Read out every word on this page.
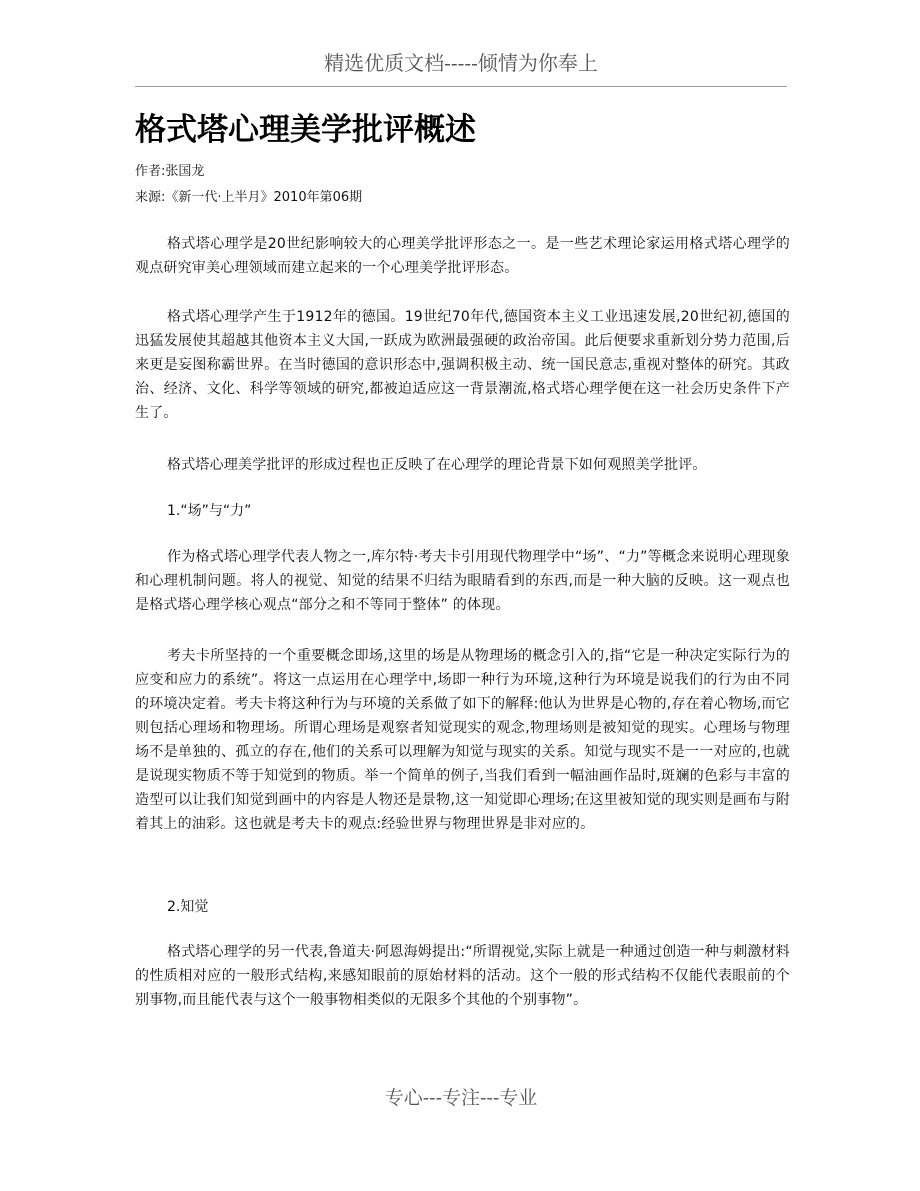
精选优质文档-----倾情为你奉上
格式塔心理美学批评概述
作者:张国龙
来源:《新一代·上半月》2010年第06期

格式塔心理学是20世纪影响较大的心理美学批评形态之一。是一些艺术理论家运用格式塔心理学的观点研究审美心理领域而建立起来的一个心理美学批评形态。

格式塔心理学产生于1912年的德国。19世纪70年代,德国资本主义工业迅速发展,20世纪初,德国的迅猛发展使其超越其他资本主义大国,一跃成为欧洲最强硬的政治帝国。此后便要求重新划分势力范围,后来更是妄图称霸世界。在当时德国的意识形态中,强调积极主动、统一国民意志,重视对整体的研究。其政治、经济、文化、科学等领域的研究,都被迫适应这一背景潮流,格式塔心理学便在这一社会历史条件下产生了。

格式塔心理美学批评的形成过程也正反映了在心理学的理论背景下如何观照美学批评。

1.“场”与“力”

作为格式塔心理学代表人物之一,库尔特·考夫卡引用现代物理学中“场”、“力”等概念来说明心理现象和心理机制问题。将人的视觉、知觉的结果不归结为眼睛看到的东西,而是一种大脑的反映。这一观点也是格式塔心理学核心观点“部分之和不等同于整体” 的体现。

考夫卡所坚持的一个重要概念即场,这里的场是从物理场的概念引入的,指“它是一种决定实际行为的应变和应力的系统”。将这一点运用在心理学中,场即一种行为环境,这种行为环境是说我们的行为由不同的环境决定着。考夫卡将这种行为与环境的关系做了如下的解释:他认为世界是心物的,存在着心物场,而它则包括心理场和物理场。所谓心理场是观察者知觉现实的观念,物理场则是被知觉的现实。心理场与物理场不是单独的、孤立的存在,他们的关系可以理解为知觉与现实的关系。知觉与现实不是一一对应的,也就是说现实物质不等于知觉到的物质。举一个简单的例子,当我们看到一幅油画作品时,斑斓的色彩与丰富的造型可以让我们知觉到画中的内容是人物还是景物,这一知觉即心理场;在这里被知觉的现实则是画布与附着其上的油彩。这也就是考夫卡的观点:经验世界与物理世界是非对应的。

2.知觉

格式塔心理学的另一代表,鲁道夫·阿恩海姆提出:“所谓视觉,实际上就是一种通过创造一种与刺激材料的性质相对应的一般形式结构,来感知眼前的原始材料的活动。这个一般的形式结构不仅能代表眼前的个别事物,而且能代表与这个一般事物相类似的无限多个其他的个别事物”。

专心---专注---专业
